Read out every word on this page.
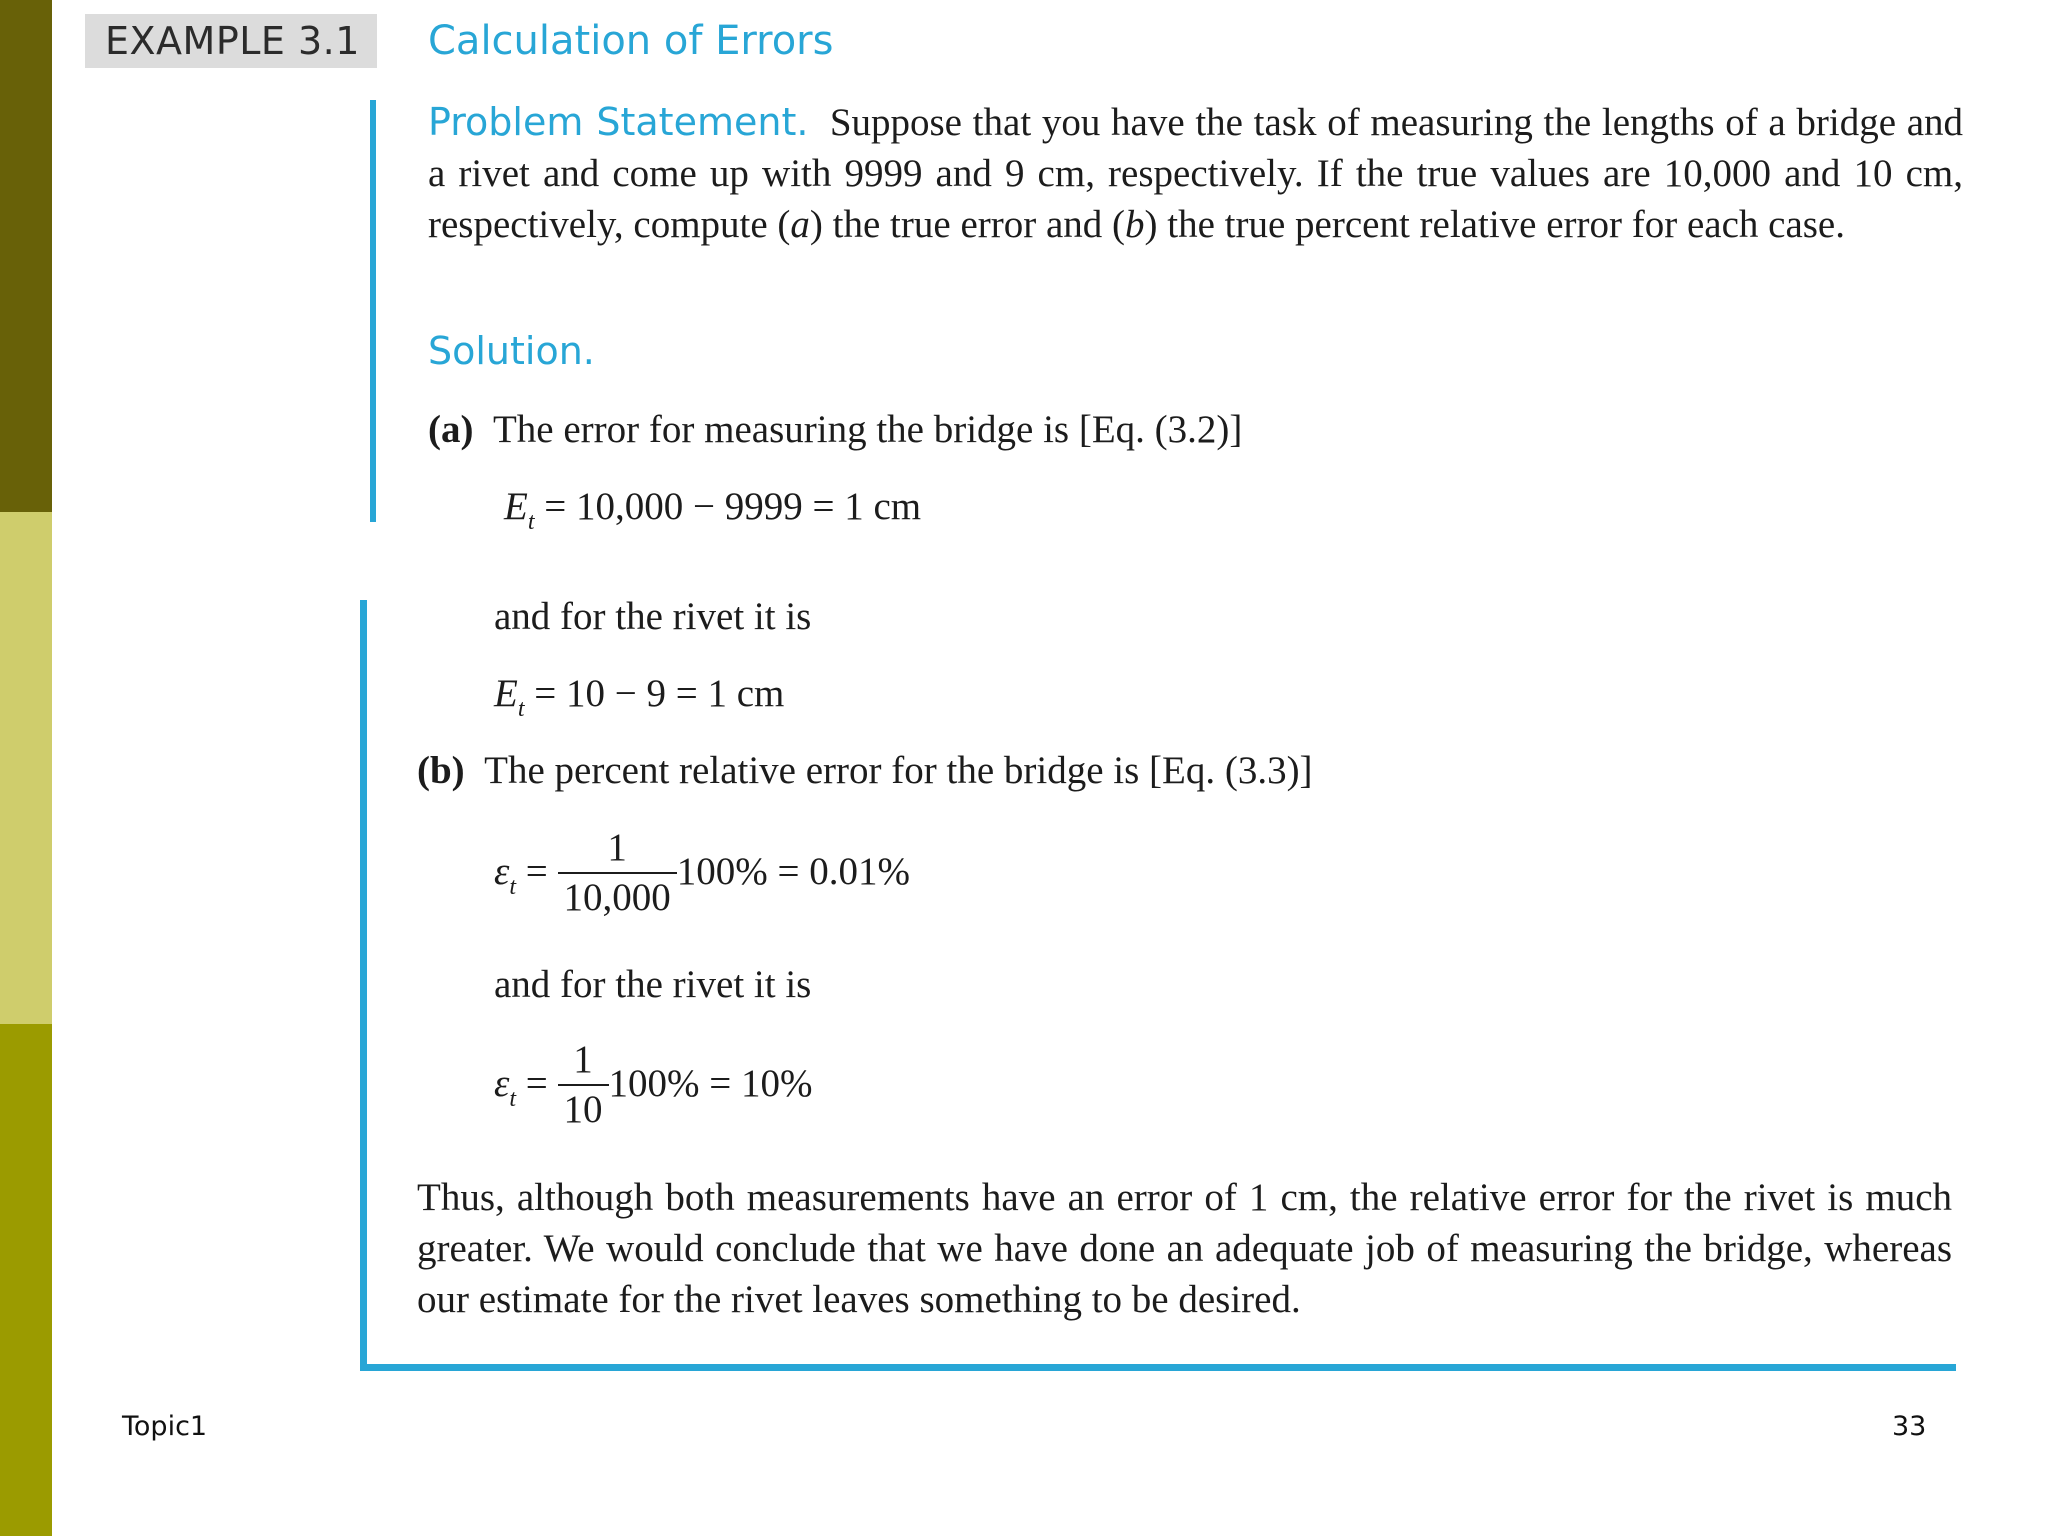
EXAMPLE 3.1	Calculation of Errors
Problem Statement. Suppose that you have the task of measuring the lengths of a bridge and a rivet and come up with 9999 and 9 cm, respectively. If the true values are 10,000 and 10 cm, respectively, compute (a) the true error and (b) the true percent relative error for each case.
Solution.
(a) The error for measuring the bridge is [Eq. (3.2)]
$E_t = 10,000 - 9999 = 1$ cm
and for the rivet it is
$E_t = 10 - 9 = 1$ cm
(b) The percent relative error for the bridge is [Eq. (3.3)]
$\varepsilon_t = \frac{1}{10,000} 100\% = 0.01\%$
and for the rivet it is
$\varepsilon_t = \frac{1}{10} 100\% = 10\%$
Thus, although both measurements have an error of 1 cm, the relative error for the rivet is much greater. We would conclude that we have done an adequate job of measuring the bridge, whereas our estimate for the rivet leaves something to be desired.
Topic1	33
